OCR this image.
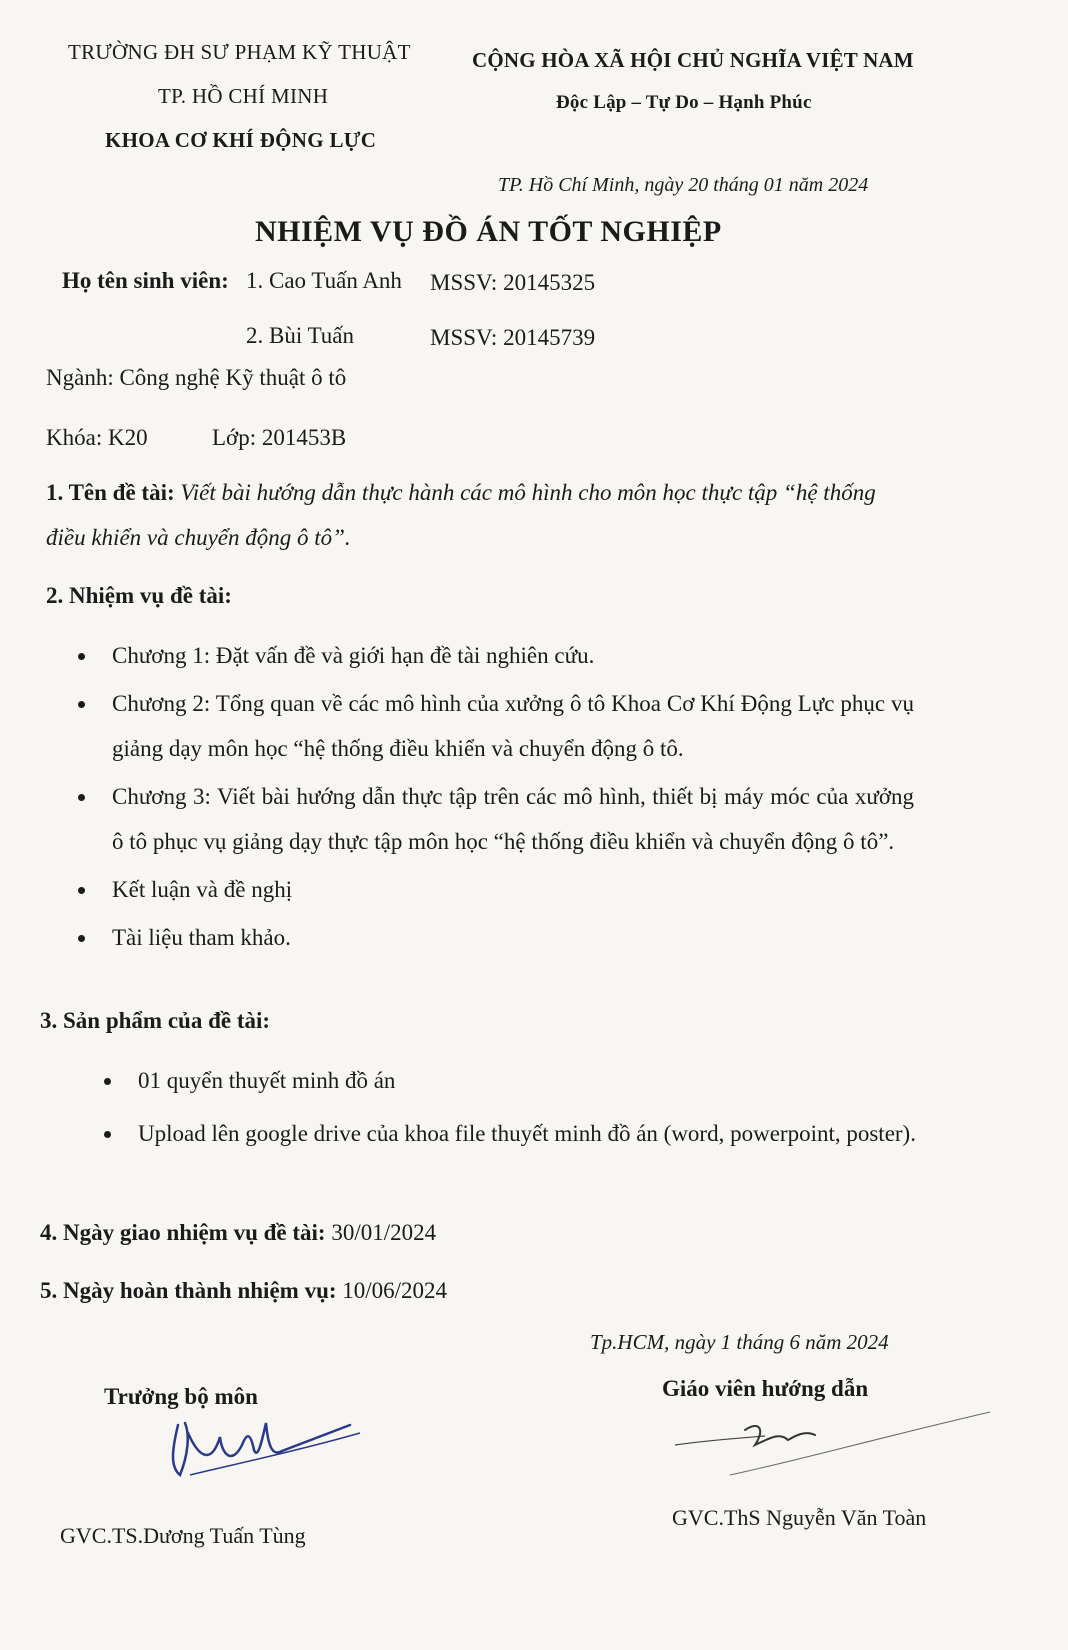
TRƯỜNG ĐH SƯ PHẠM KỸ THUẬT
TP. HỒ CHÍ MINH
KHOA CƠ KHÍ ĐỘNG LỰC
CỘNG HÒA XÃ HỘI CHỦ NGHĨA VIỆT NAM
Độc Lập – Tự Do – Hạnh Phúc
TP. Hồ Chí Minh, ngày 20 tháng 01 năm 2024
NHIỆM VỤ ĐỒ ÁN TỐT NGHIỆP
Họ tên sinh viên: 1. Cao Tuấn Anh MSSV: 20145325
2. Bùi Tuấn	MSSV: 20145739
Ngành: Công nghệ Kỹ thuật ô tô
Khóa: K20	Lớp: 201453B
1. Tên đề tài: Viết bài hướng dẫn thực hành các mô hình cho môn học thực tập “hệ thống điều khiển và chuyển động ô tô”.
2. Nhiệm vụ đề tài:
Chương 1: Đặt vấn đề và giới hạn đề tài nghiên cứu.
Chương 2: Tổng quan về các mô hình của xưởng ô tô Khoa Cơ Khí Động Lực phục vụ giảng dạy môn học “hệ thống điều khiển và chuyển động ô tô.
Chương 3: Viết bài hướng dẫn thực tập trên các mô hình, thiết bị máy móc của xưởng ô tô phục vụ giảng dạy thực tập môn học “hệ thống điều khiển và chuyển động ô tô”.
Kết luận và đề nghị
Tài liệu tham khảo.
3. Sản phẩm của đề tài:
01 quyển thuyết minh đồ án
Upload lên google drive của khoa file thuyết minh đồ án (word, powerpoint, poster).
4. Ngày giao nhiệm vụ đề tài: 30/01/2024
5. Ngày hoàn thành nhiệm vụ: 10/06/2024
Tp.HCM, ngày 1 tháng 6 năm 2024
Trưởng bộ môn	Giáo viên hướng dẫn
GVC.TS.Dương Tuấn Tùng
GVC.ThS Nguyễn Văn Toàn
